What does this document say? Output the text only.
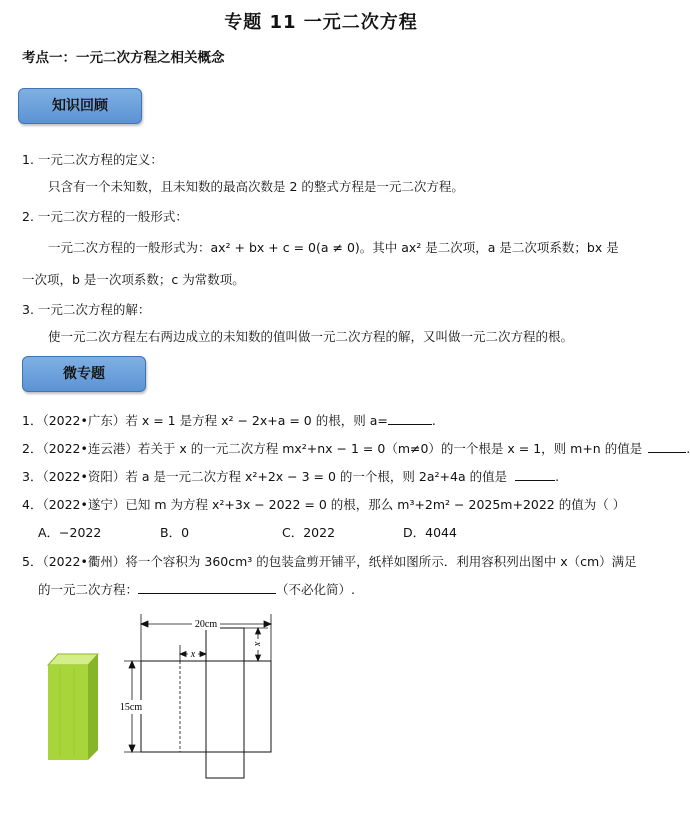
专题 11 一元二次方程
考点一：一元二次方程之相关概念
知识回顾
1. 一元二次方程的定义：
只含有一个未知数，且未知数的最高次数是 2 的整式方程是一元二次方程。
2. 一元二次方程的一般形式：
一元二次方程的一般形式为：ax² + bx + c = 0(a ≠ 0)。其中 ax² 是二次项，a 是二次项系数；bx 是
一次项，b 是一次项系数；c 为常数项。
3. 一元二次方程的解：
使一元二次方程左右两边成立的未知数的值叫做一元二次方程的解，又叫做一元二次方程的根。
微专题
1．（2022•广东）若 x = 1 是方程 x² − 2x+a = 0 的根，则 a=	.
2．（2022•连云港）若关于 x 的一元二次方程 mx²+nx − 1 = 0（m≠0）的一个根是 x = 1，则 m+n 的值是	.
3．（2022•资阳）若 a 是一元二次方程 x²+2x − 3 = 0 的一个根，则 2a²+4a 的值是	.
4．（2022•遂宁）已知 m 为方程 x²+3x − 2022 = 0 的根，那么 m³+2m² − 2025m+2022 的值为（ ）
A．−2022	B．0	C．2022	D．4044
5．（2022•衢州）将一个容积为 360cm³ 的包装盒剪开铺平，纸样如图所示．利用容积列出图中 x（cm）满足
的一元二次方程：	（不必化简）.
20cm
x
x
15cm
